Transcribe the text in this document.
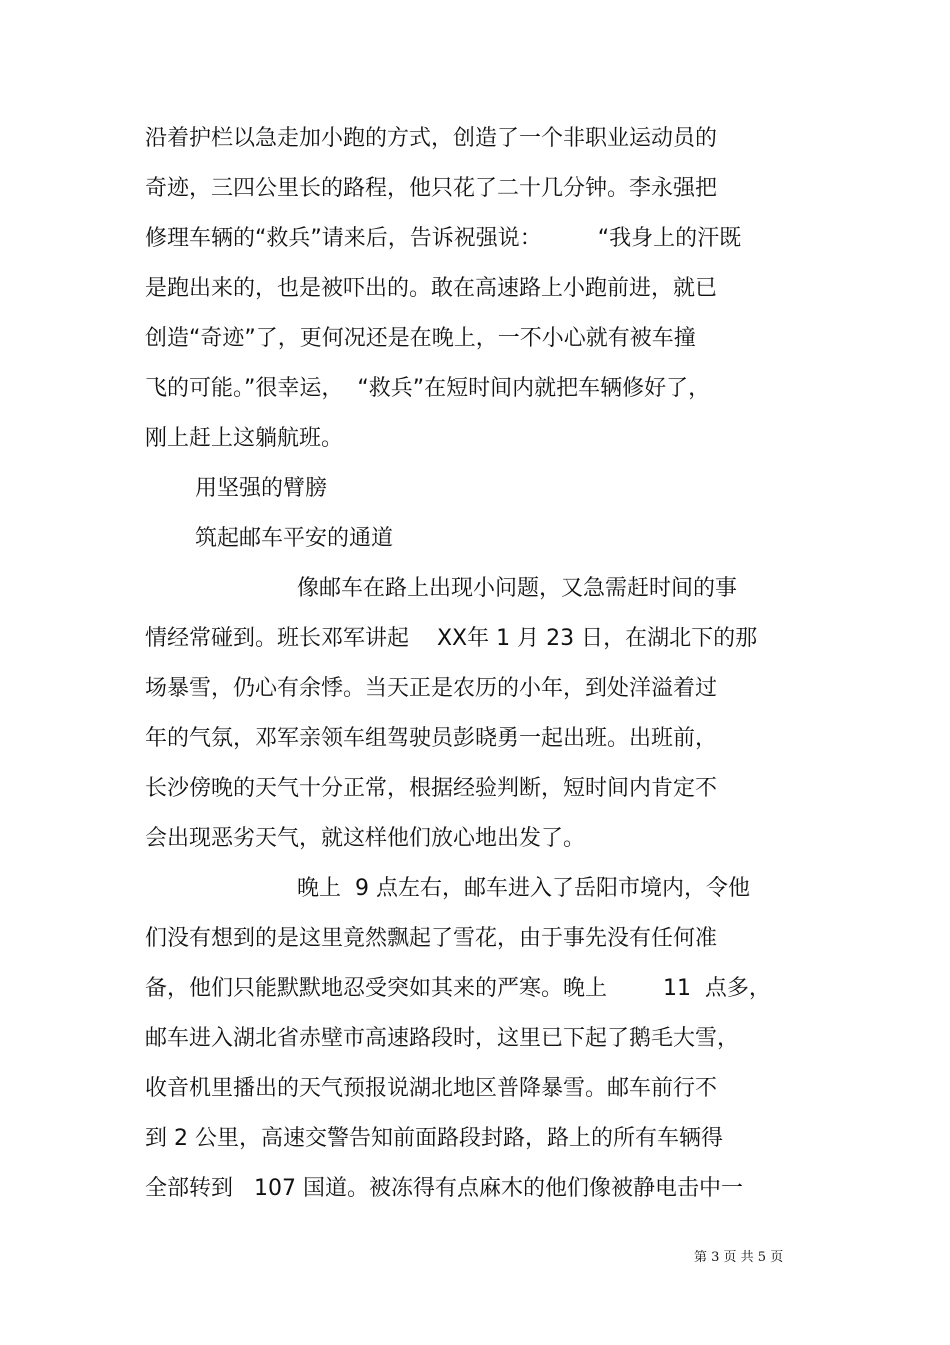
沿着护栏以急走加小跑的方式，创造了一个非职业运动员的
奇迹，三四公里长的路程，他只花了二十几分钟。李永强把
修理车辆的“救兵”请来后，告诉祝强说：        “我身上的汗既
是跑出来的，也是被吓出的。敢在高速路上小跑前进，就已
创造“奇迹”了，更何况还是在晚上，一不小心就有被车撞
飞的可能。”很幸运，  “救兵”在短时间内就把车辆修好了，
刚上赶上这躺航班。
用坚强的臂膀
筑起邮车平安的通道
像邮车在路上出现小问题，又急需赶时间的事
情经常碰到。班长邓军讲起    XX年 1 月 23 日，在湖北下的那
场暴雪，仍心有余悸。当天正是农历的小年，到处洋溢着过
年的气氛，邓军亲领车组驾驶员彭晓勇一起出班。出班前，
长沙傍晚的天气十分正常，根据经验判断，短时间内肯定不
会出现恶劣天气，就这样他们放心地出发了。
晚上  9 点左右，邮车进入了岳阳市境内，令他
们没有想到的是这里竟然飘起了雪花，由于事先没有任何准
备，他们只能默默地忍受突如其来的严寒。晚上        11  点多，
邮车进入湖北省赤壁市高速路段时，这里已下起了鹅毛大雪，
收音机里播出的天气预报说湖北地区普降暴雪。邮车前行不
到 2 公里，高速交警告知前面路段封路，路上的所有车辆得
全部转到   107 国道。被冻得有点麻木的他们像被静电击中一
第 3 页 共 5 页
